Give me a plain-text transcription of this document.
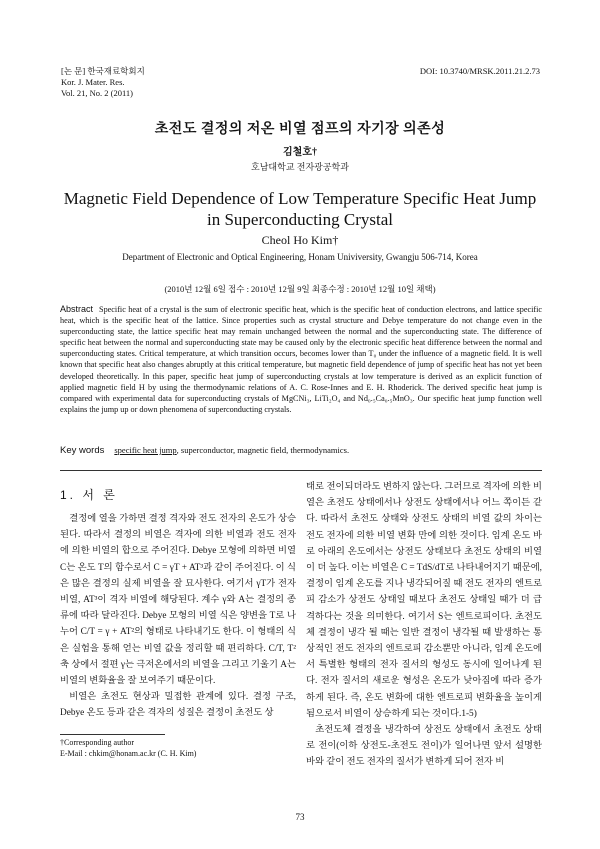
[논 문] 한국재료학회지
Kor. J. Mater. Res.
Vol. 21, No. 2 (2011)
DOI: 10.3740/MRSK.2011.21.2.73
초전도 결정의 저온 비열 점프의 자기장 의존성
김철호†
호남대학교 전자광공학과
Magnetic Field Dependence of Low Temperature Specific Heat Jump in Superconducting Crystal
Cheol Ho Kim†
Department of Electronic and Optical Engineering, Honam Univiversity, Gwangju 506-714, Korea
(2010년 12월 6일 접수 : 2010년 12월 9일 최종수정 : 2010년 12월 10일 채택)
Abstract Specific heat of a crystal is the sum of electronic specific heat, which is the specific heat of conduction electrons, and lattice specific heat, which is the specific heat of the lattice. Since properties such as crystal structure and Debye temperature do not change even in the superconducting state, the lattice specific heat may remain unchanged between the normal and the superconducting state. The difference of specific heat between the normal and superconducting state may be caused only by the electronic specific heat difference between the normal and superconducting states. Critical temperature, at which transition occurs, becomes lower than T₀ under the influence of a magnetic field. It is well known that specific heat also changes abruptly at this critical temperature, but magnetic field dependence of jump of specific heat has not yet been developed theoretically. In this paper, specific heat jump of superconducting crystals at low temperature is derived as an explicit function of applied magnetic field H by using the thermodynamic relations of A. C. Rose-Innes and E. H. Rhoderick. The derived specific heat jump is compared with experimental data for superconducting crystals of MgCNi₃, LiTi₂O₄ and Nd₀.₅Ca₀.₅MnO₃. Our specific heat jump function well explains the jump up or down phenomena of superconducting crystals.
Key words specific heat jump, superconductor, magnetic field, thermodynamics.
1. 서 론

결정에 열을 가하면 결정 격자와 전도 전자의 온도가 상승된다. 따라서 결정의 비열은 격자에 의한 비열과 전도 전자에 의한 비열의 합으로 주어진다. Debye 모형에 의하면 비열 C는 온도 T의 함수로서 C = γT + AT³과 같이 주어진다. 이 식은 많은 결정의 실제 비열을 잘 묘사한다. 여기서 γT가 전자 비열, AT³이 격자 비열에 해당된다. 계수 γ와 A는 결정의 종류에 따라 달라진다. Debye 모형의 비열 식은 양변을 T로 나누어 C/T = γ + AT²의 형태로 나타내기도 한다. 이 형태의 식은 실험을 통해 얻는 비열 값을 정리할 때 편리하다. C/T, T²축 상에서 절편 γ는 극저온에서의 비열을 그리고 기울기 A는 비열의 변화율을 잘 보여주기 때문이다.

비열은 초전도 현상과 밀접한 관계에 있다. 결정 구조, Debye 온도 등과 같은 격자의 성질은 결정이 초전도 상

태로 전이되더라도 변하지 않는다. 그러므로 격자에 의한 비열은 초전도 상태에서나 상전도 상태에서나 어느 쪽이든 같다. 따라서 초전도 상태와 상전도 상태의 비열 값의 차이는 전도 전자에 의한 비열 변화 만에 의한 것이다. 임계 온도 바로 아래의 온도에서는 상전도 상태보다 초전도 상태의 비열이 더 높다. 이는 비열은 C = TdS/dT로 나타내어지기 때문에, 결정이 임계 온도를 지나 냉각되어질 때 전도 전자의 엔트로피 감소가 상전도 상태일 때보다 초전도 상태일 때가 더 급격하다는 것을 의미한다. 여기서 S는 엔트로피이다. 초전도체 결정이 냉각 될 때는 일반 결정이 냉각될 때 발생하는 통상적인 전도 전자의 엔트로피 감소뿐만 아니라, 임계 온도에서 특별한 형태의 전자 질서의 형성도 동시에 일어나게 된다. 전자 질서의 새로운 형성은 온도가 낮아짐에 따라 증가하게 된다. 즉, 온도 변화에 대한 엔트로피 변화율을 높이게 됨으로서 비열이 상승하게 되는 것이다.1-5)

초전도체 결정을 냉각하여 상전도 상태에서 초전도 상태로 전이(이하 상전도-초전도 전이)가 일어나면 앞서 설명한 바와 같이 전도 전자의 질서가 변하게 되어 전자 비

†Corresponding author
E-Mail : chkim@honam.ac.kr (C. H. Kim)
73
